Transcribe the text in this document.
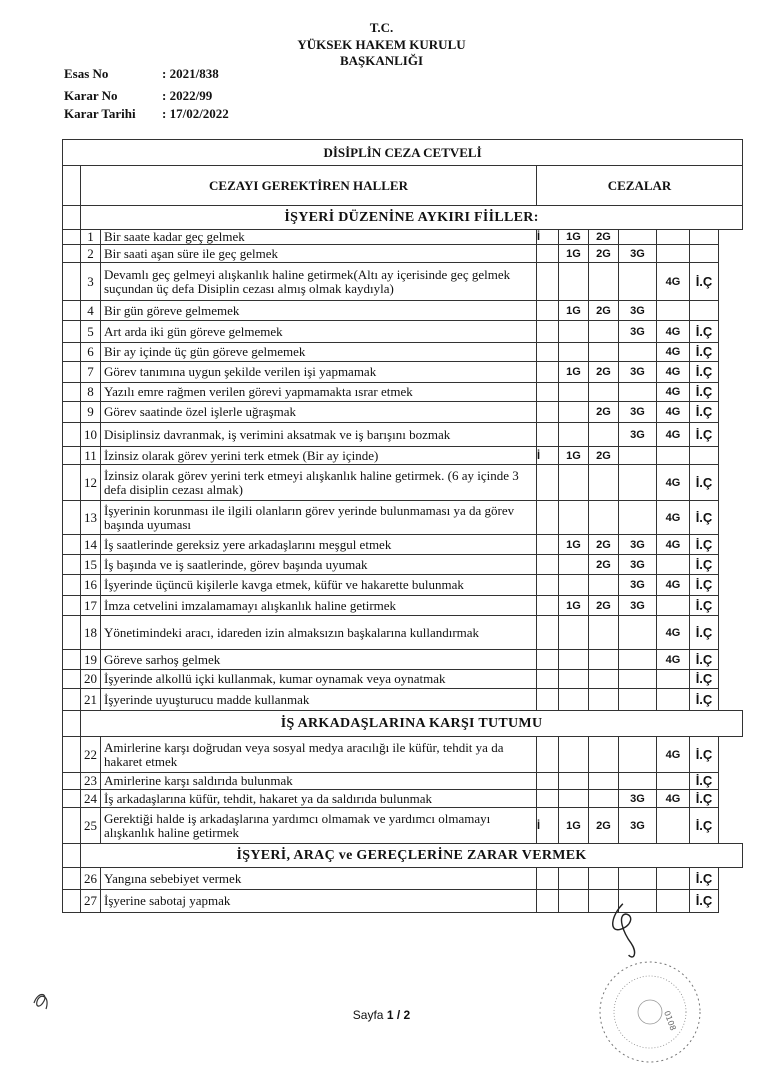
T.C.
YÜKSEK HAKEM KURULU
BAŞKANLIĞI
Esas No	: 2021/838
Karar No	: 2022/99
Karar Tarihi : 17/02/2022
DİSİPLİN CEZA CETVELİ								
	CEZAYI GEREKTİREN HALLER		CEZALAR					
	İŞYERİ DÜZENİNE AYKIRI FİİLLER:							
	1	Bir saate kadar geç gelmek	İ	1G	2G			
	2	Bir saati aşan süre ile geç gelmek		1G	2G	3G		
	3	Devamlı geç gelmeyi alışkanlık haline getirmek(Altı ay içerisinde geç gelmek suçundan üç defa Disiplin cezası almış olmak kaydıyla)					4G	İ.Ç
	4	Bir gün göreve gelmemek		1G	2G	3G		
	5	Art arda iki gün göreve gelmemek				3G	4G	İ.Ç
	6	Bir ay içinde üç gün göreve gelmemek					4G	İ.Ç
	7	Görev tanımına uygun şekilde verilen işi yapmamak		1G	2G	3G	4G	İ.Ç
	8	Yazılı emre rağmen verilen görevi yapmamakta ısrar etmek					4G	İ.Ç
	9	Görev saatinde özel işlerle uğraşmak			2G	3G	4G	İ.Ç
	10	Disiplinsiz davranmak, iş verimini aksatmak ve iş barışını bozmak				3G	4G	İ.Ç
	11	İzinsiz olarak görev yerini terk etmek (Bir ay içinde)	İ	1G	2G			
	12	İzinsiz olarak görev yerini terk etmeyi alışkanlık haline getirmek. (6 ay içinde 3 defa disiplin cezası almak)					4G	İ.Ç
	13	İşyerinin korunması ile ilgili olanların görev yerinde bulunmaması ya da görev başında uyuması					4G	İ.Ç
	14	İş saatlerinde gereksiz yere arkadaşlarını meşgul etmek		1G	2G	3G	4G	İ.Ç
	15	İş başında ve iş saatlerinde, görev başında uyumak			2G	3G		İ.Ç
	16	İşyerinde üçüncü kişilerle kavga etmek, küfür ve hakarette bulunmak				3G	4G	İ.Ç
	17	İmza cetvelini imzalamamayı alışkanlık haline getirmek		1G	2G	3G		İ.Ç
	18	Yönetimindeki aracı, idareden izin almaksızın başkalarına kullandırmak					4G	İ.Ç
	19	Göreve sarhoş gelmek					4G	İ.Ç
	20	İşyerinde alkollü içki kullanmak, kumar oynamak veya oynatmak						İ.Ç
	21	İşyerinde uyuşturucu madde kullanmak						İ.Ç
	İŞ ARKADAŞLARINA KARŞI TUTUMU							
	22	Amirlerine karşı doğrudan veya sosyal medya aracılığı ile küfür, tehdit ya da hakaret etmek					4G	İ.Ç
	23	Amirlerine karşı saldırıda bulunmak						İ.Ç
	24	İş arkadaşlarına küfür, tehdit, hakaret ya da saldırıda bulunmak				3G	4G	İ.Ç
	25	Gerektiği halde iş arkadaşlarına yardımcı olmamak ve yardımcı olmamayı alışkanlık haline getirmek	İ	1G	2G	3G		İ.Ç
	İŞYERİ, ARAÇ ve GEREÇLERİNE ZARAR VERMEK							
	26	Yangına sebebiyet vermek						İ.Ç
	27	İşyerine sabotaj yapmak						İ.Ç
0108
Sayfa 1 / 2
